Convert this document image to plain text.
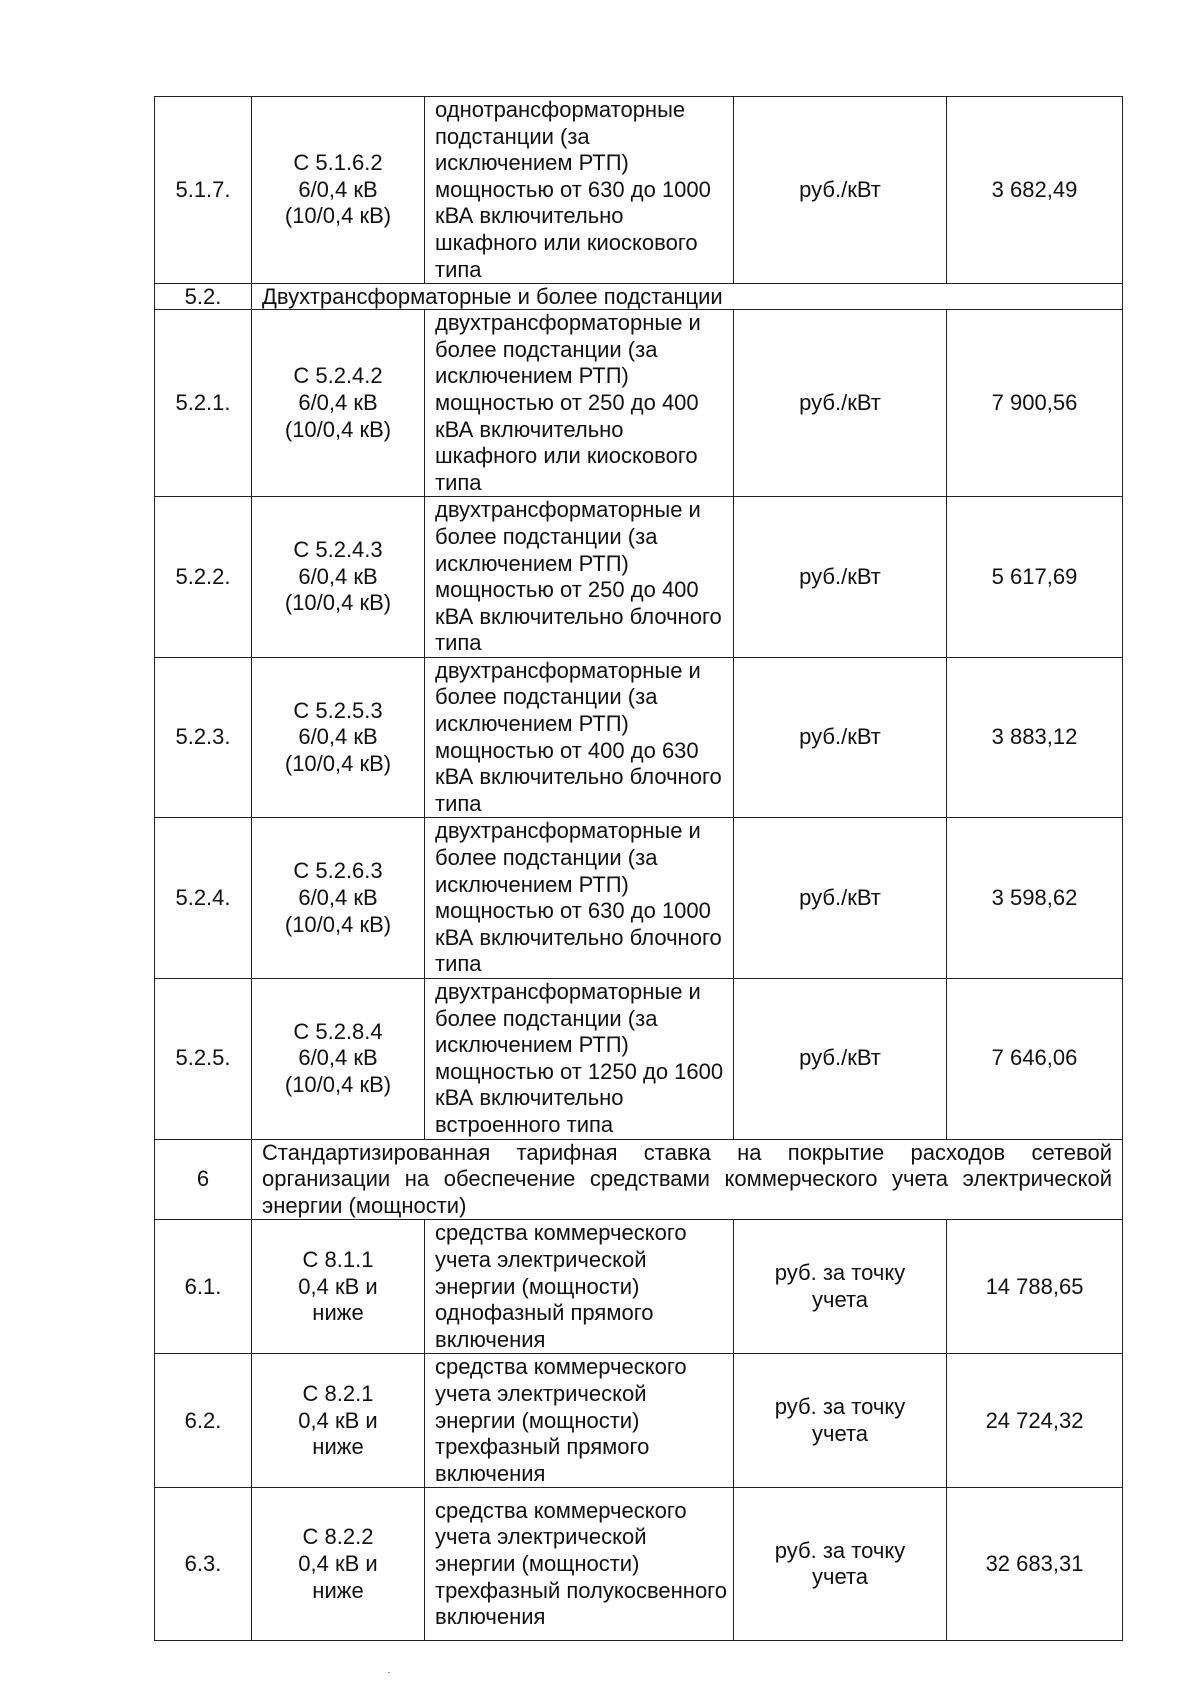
5.1.7.	С 5.1.6.2
6/0,4 кВ
(10/0,4 кВ)	однотрансформаторные подстанции (за исключением РТП) мощностью от 630 до 1000 кВА включительно шкафного или киоскового типа	руб./кВт	3 682,49
5.2.	Двухтрансформаторные и более подстанции			
5.2.1.	С 5.2.4.2
6/0,4 кВ
(10/0,4 кВ)	двухтрансформаторные и более подстанции (за исключением РТП) мощностью от 250 до 400 кВА включительно шкафного или киоскового типа	руб./кВт	7 900,56
5.2.2.	С 5.2.4.3
6/0,4 кВ
(10/0,4 кВ)	двухтрансформаторные и более подстанции (за исключением РТП) мощностью от 250 до 400 кВА включительно блочного типа	руб./кВт	5 617,69
5.2.3.	С 5.2.5.3
6/0,4 кВ
(10/0,4 кВ)	двухтрансформаторные и более подстанции (за исключением РТП) мощностью от 400 до 630 кВА включительно блочного типа	руб./кВт	3 883,12
5.2.4.	С 5.2.6.3
6/0,4 кВ
(10/0,4 кВ)	двухтрансформаторные и более подстанции (за исключением РТП) мощностью от 630 до 1000 кВА включительно блочного типа	руб./кВт	3 598,62
5.2.5.	С 5.2.8.4
6/0,4 кВ
(10/0,4 кВ)	двухтрансформаторные и более подстанции (за исключением РТП) мощностью от 1250 до 1600 кВА включительно встроенного типа	руб./кВт	7 646,06
6	Стандартизированная тарифная ставка на покрытие расходов сетевой организации на обеспечение средствами коммерческого учета электрической энергии (мощности)			
6.1.	С 8.1.1
0,4 кВ и
ниже	средства коммерческого учета электрической энергии (мощности) однофазный прямого включения	руб. за точку
учета	14 788,65
6.2.	С 8.2.1
0,4 кВ и
ниже	средства коммерческого учета электрической энергии (мощности) трехфазный прямого включения	руб. за точку
учета	24 724,32
6.3.	С 8.2.2
0,4 кВ и
ниже	средства коммерческого учета электрической энергии (мощности) трехфазный полукосвенного включения	руб. за точку
учета	32 683,31
